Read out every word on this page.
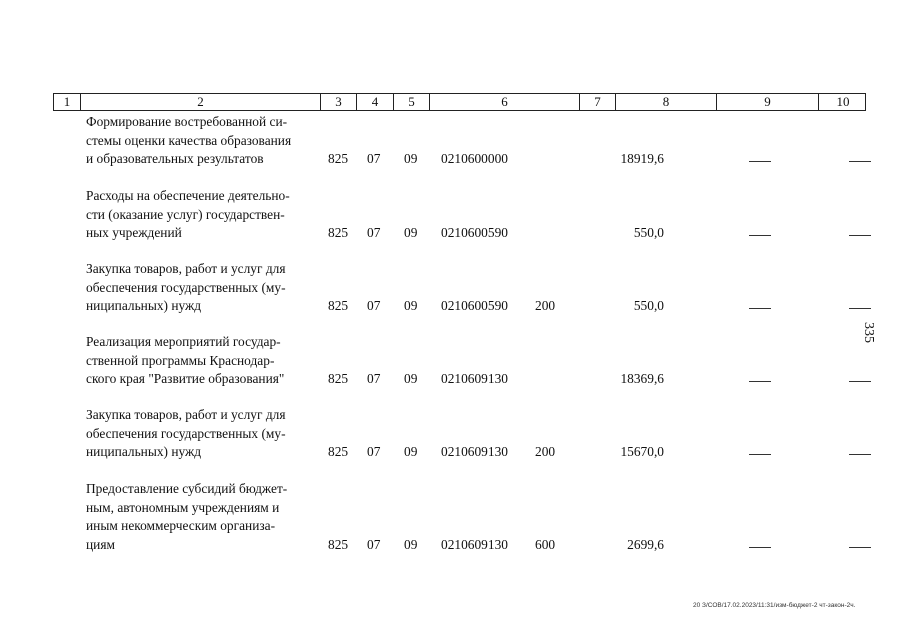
1	2	3	4	5	6	7	8	9	10
Формирование востребованной си-
стемы оценки качества образования
и образовательных результатов	825 07 09 0210600000	18919,6
Расходы на обеспечение деятельно-
сти (оказание услуг) государствен-
ных учреждений	825 07 09 0210600590	550,0
Закупка товаров, работ и услуг для
обеспечения государственных (му-
ниципальных) нужд	825 07 09 0210600590 200	550,0
Реализация мероприятий государ-
ственной программы Краснодар-
ского края "Развитие образования"	825 07 09 0210609130	18369,6
Закупка товаров, работ и услуг для
обеспечения государственных (му-
ниципальных) нужд	825 07 09 0210609130 200	15670,0
Предоставление субсидий бюджет-
ным, автономным учреждениям и
иным некоммерческим организа-
циям	825 07 09 0210609130 600	2699,6
335
20 З/СОВ/17.02.2023/11:31/изм-бюджет-2 чт-закон-2ч.
